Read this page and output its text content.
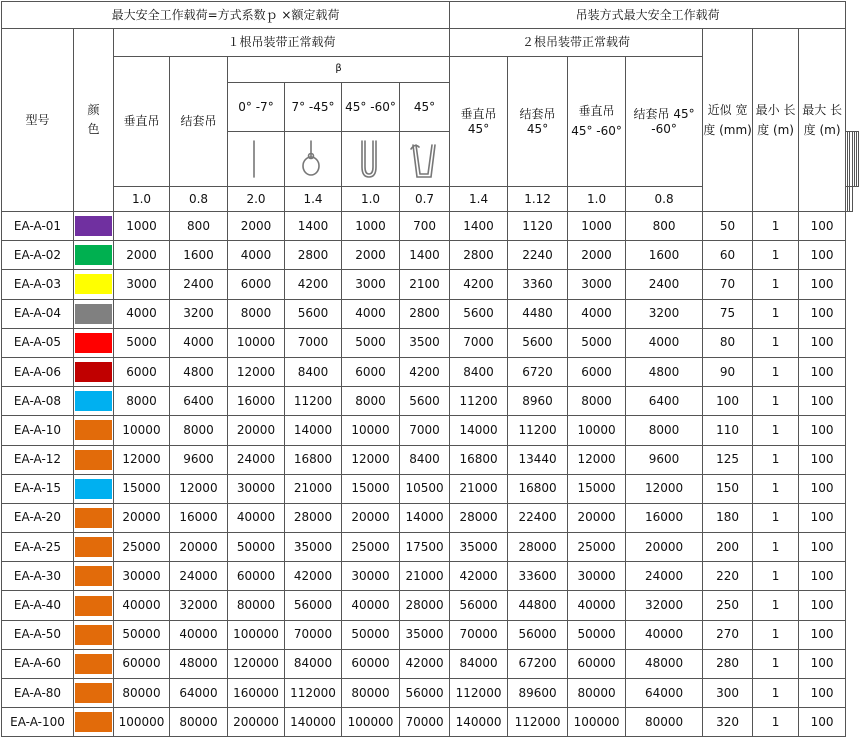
最大安全工作载荷=方式系数ｐ ×额定载荷								吊装方式最大安全工作载荷												
型号	颜色	１根吊装带正常载荷						２根吊装带正常载荷				近似 宽度 (mm)	最小 长度 (m)	最大 长度 (m)						
		垂直吊	结套吊	β				垂直吊 45°	结套吊 45°	垂直吊 45° -60°	结套吊 45° -60°									
				0° -7°	7° -45°	45° -60°	45°													

		1.0	0.8	2.0	1.4	1.0	0.7	1.4	1.12	1.0	0.8									
EA-A-01		1000	800	2000	1400	1000	700	1400	1120	1000	800	50	1	100						
EA-A-02		2000	1600	4000	2800	2000	1400	2800	2240	2000	1600	60	1	100						
EA-A-03		3000	2400	6000	4200	3000	2100	4200	3360	3000	2400	70	1	100						
EA-A-04		4000	3200	8000	5600	4000	2800	5600	4480	4000	3200	75	1	100						
EA-A-05		5000	4000	10000	7000	5000	3500	7000	5600	5000	4000	80	1	100						
EA-A-06		6000	4800	12000	8400	6000	4200	8400	6720	6000	4800	90	1	100						
EA-A-08		8000	6400	16000	11200	8000	5600	11200	8960	8000	6400	100	1	100						
EA-A-10		10000	8000	20000	14000	10000	7000	14000	11200	10000	8000	110	1	100						
EA-A-12		12000	9600	24000	16800	12000	8400	16800	13440	12000	9600	125	1	100						
EA-A-15		15000	12000	30000	21000	15000	10500	21000	16800	15000	12000	150	1	100						
EA-A-20		20000	16000	40000	28000	20000	14000	28000	22400	20000	16000	180	1	100						
EA-A-25		25000	20000	50000	35000	25000	17500	35000	28000	25000	20000	200	1	100						
EA-A-30		30000	24000	60000	42000	30000	21000	42000	33600	30000	24000	220	1	100						
EA-A-40		40000	32000	80000	56000	40000	28000	56000	44800	40000	32000	250	1	100						
EA-A-50		50000	40000	100000	70000	50000	35000	70000	56000	50000	40000	270	1	100						
EA-A-60		60000	48000	120000	84000	60000	42000	84000	67200	60000	48000	280	1	100						
EA-A-80		80000	64000	160000	112000	80000	56000	112000	89600	80000	64000	300	1	100						
EA-A-100		100000	80000	200000	140000	100000	70000	140000	112000	100000	80000	320	1	100						
